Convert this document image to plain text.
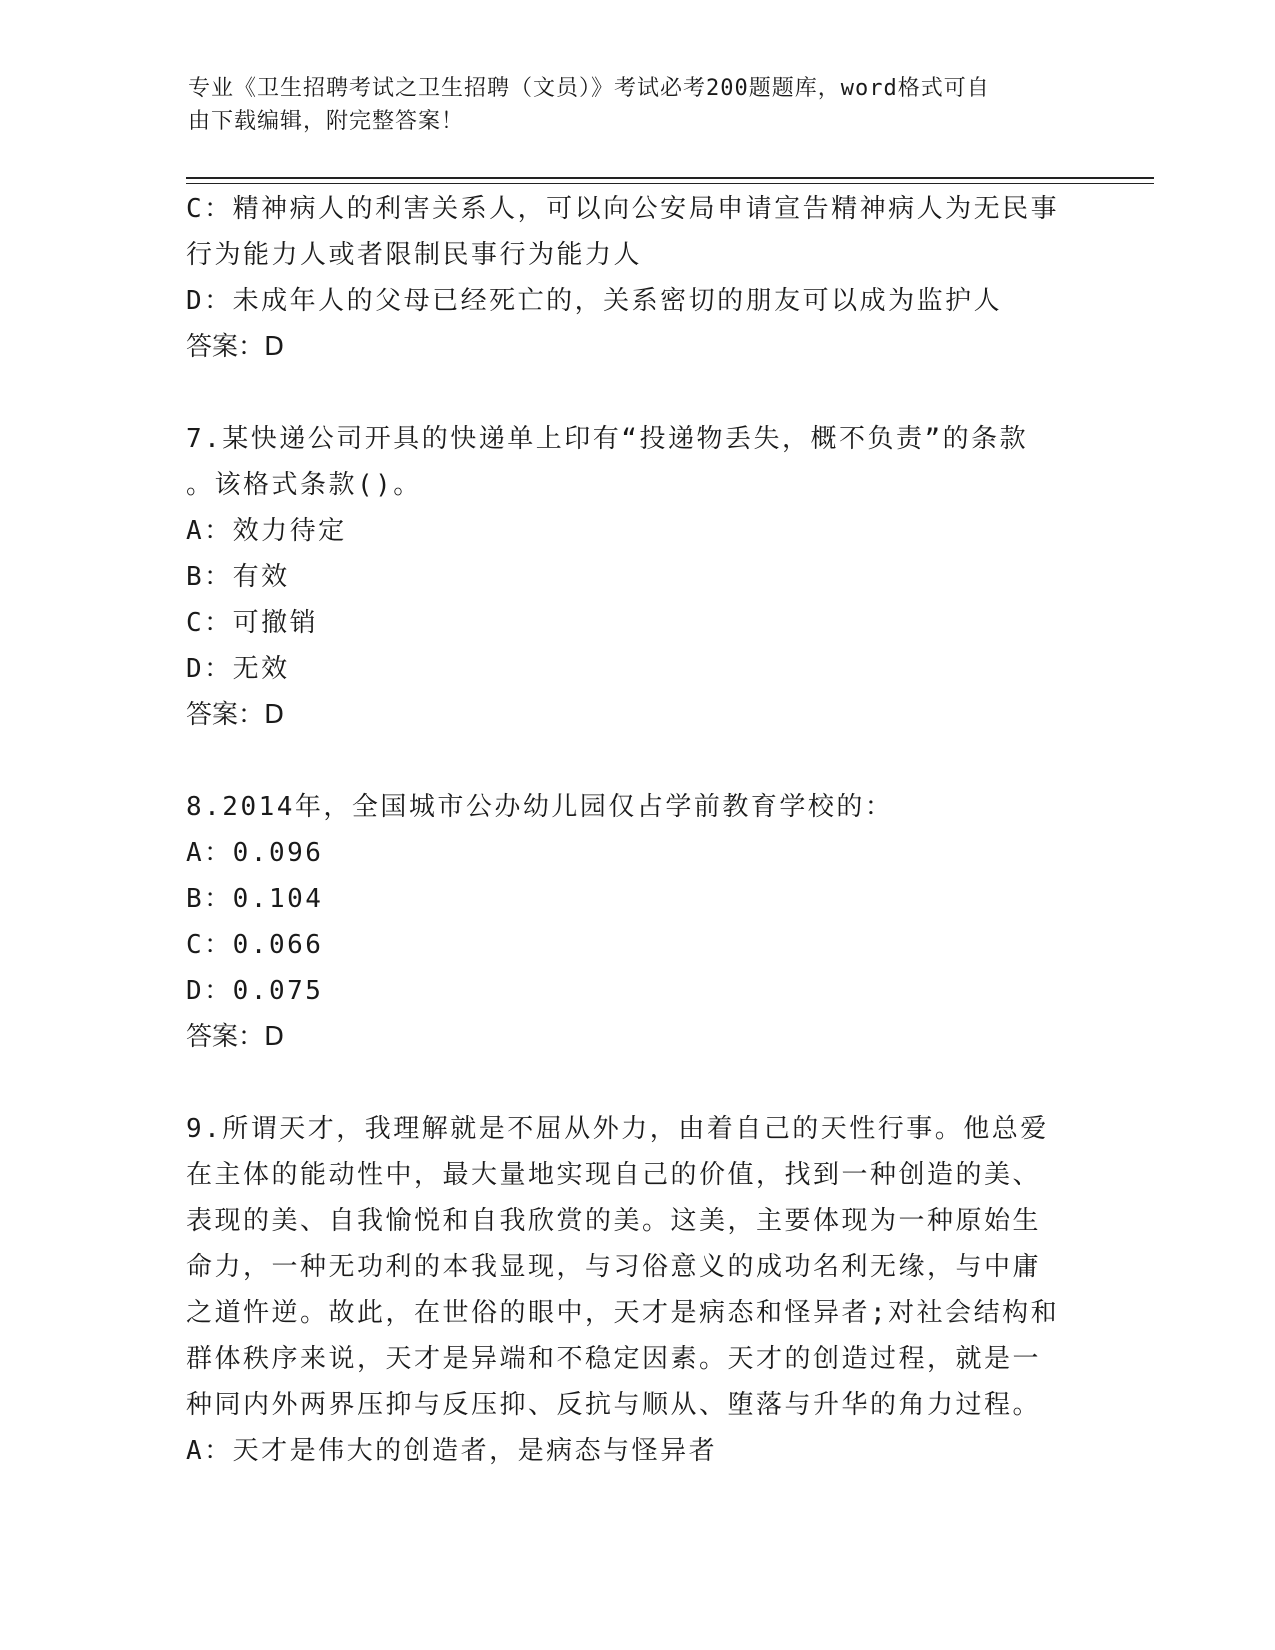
专业《卫生招聘考试之卫生招聘（文员）》考试必考200题题库，word格式可自
由下载编辑，附完整答案！
C：精神病人的利害关系人，可以向公安局申请宣告精神病人为无民事
行为能力人或者限制民事行为能力人
D：未成年人的父母已经死亡的，关系密切的朋友可以成为监护人
答案：D
7.某快递公司开具的快递单上印有“投递物丢失，概不负责”的条款
。该格式条款()。
A：效力待定
B：有效
C：可撤销
D：无效
答案：D
8.2014年，全国城市公办幼儿园仅占学前教育学校的：
A：0.096
B：0.104
C：0.066
D：0.075
答案：D
9.所谓天才，我理解就是不屈从外力，由着自己的天性行事。他总爱
在主体的能动性中，最大量地实现自己的价值，找到一种创造的美、
表现的美、自我愉悦和自我欣赏的美。这美，主要体现为一种原始生
命力，一种无功利的本我显现，与习俗意义的成功名利无缘，与中庸
之道忤逆。故此，在世俗的眼中，天才是病态和怪异者;对社会结构和
群体秩序来说，天才是异端和不稳定因素。天才的创造过程，就是一
种同内外两界压抑与反压抑、反抗与顺从、堕落与升华的角力过程。
A：天才是伟大的创造者，是病态与怪异者
